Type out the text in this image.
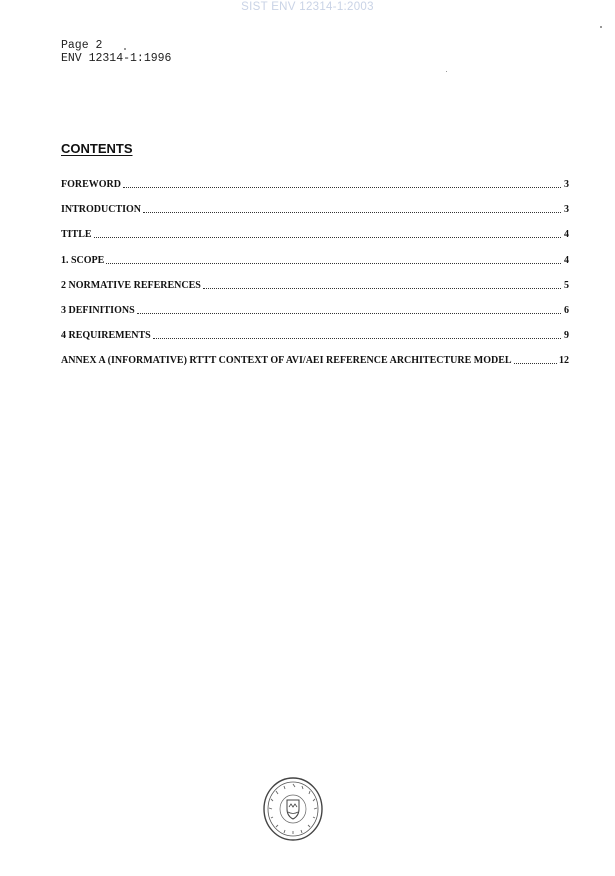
SIST ENV 12314-1:2003
Page 2
ENV 12314-1:1996
CONTENTS
FOREWORD	3
INTRODUCTION	3
TITLE	4
1. SCOPE	4
2 NORMATIVE REFERENCES	5
3 DEFINITIONS	6
4 REQUIREMENTS	9
ANNEX A (INFORMATIVE) RTTT CONTEXT OF AVI/AEI REFERENCE ARCHITECTURE MODEL	12
